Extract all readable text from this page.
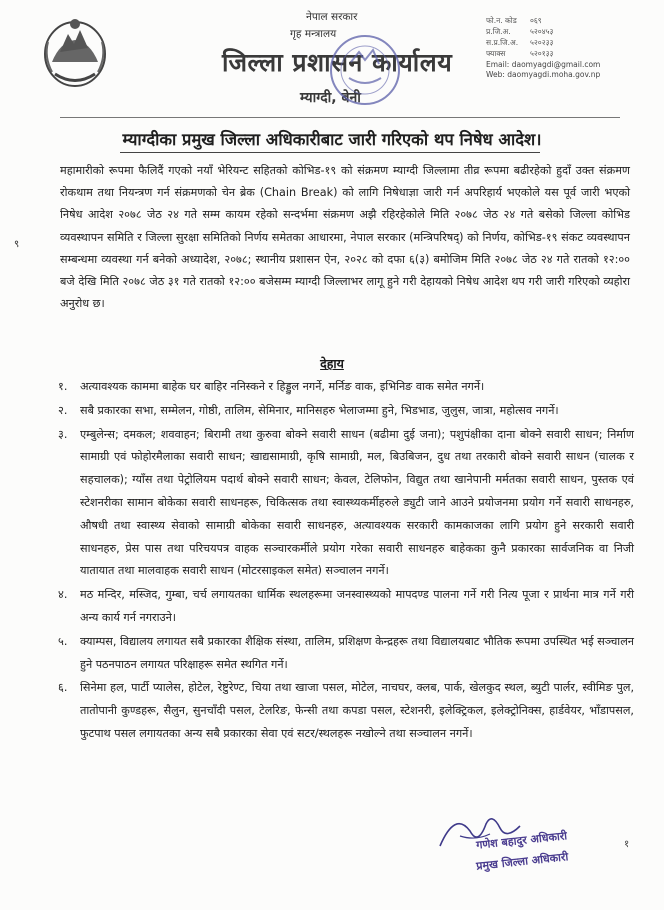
नेपाल सरकार
गृह मन्त्रालय
जिल्ला प्रशासन कार्यालय
म्याग्दी, बेनी
फो.न. कोड	०६९
प्र.जि.अ.	५२०४५३
स.प्र.जि.अ.	५२०२३३
फ्याक्स	५२०१३३
Email: daomyagdi@gmail.com
Web: daomyagdi.moha.gov.np
म्याग्दीका प्रमुख जिल्ला अधिकारीबाट जारी गरिएको थप निषेध आदेश।
९
महामारीको रूपमा फैलिदैं गएको नयाँ भेरियन्ट सहितको कोभिड-१९ को संक्रमण म्याग्दी जिल्लामा तीव्र रूपमा बढीरहेको हुदाँ उक्त संक्रमण रोकथाम तथा नियन्त्रण गर्न संक्रमणको चेन ब्रेक (Chain Break) को लागि निषेधाज्ञा जारी गर्न अपरिहार्य भएकोले यस पूर्व जारी भएको निषेध आदेश २०७८ जेठ २४ गते सम्म कायम रहेको सन्दर्भमा संक्रमण अझै रहिरहेकोले मिति २०७८ जेठ २४ गते बसेको जिल्ला कोभिड व्यवस्थापन समिति र जिल्ला सुरक्षा समितिको निर्णय समेतका आधारमा, नेपाल सरकार (मन्त्रिपरिषद्) को निर्णय, कोभिड-१९ संकट व्यवस्थापन सम्बन्धमा व्यवस्था गर्न बनेको अध्यादेश, २०७८; स्थानीय प्रशासन ऐन, २०२८ को दफा ६(३) बमोजिम मिति २०७८ जेठ २४ गते रातको १२:०० बजे देखि मिति २०७८ जेठ ३१ गते रातको १२:०० बजेसम्म म्याग्दी जिल्लाभर लागू हुने गरी देहायको निषेध आदेश थप गरी जारी गरिएको व्यहोरा अनुरोध छ।
देहाय
१. अत्यावश्यक काममा बाहेक घर बाहिर ननिस्कने र हिड्डुल नगर्ने, मर्निङ वाक, इभिनिङ वाक समेत नगर्ने।
२. सबै प्रकारका सभा, सम्मेलन, गोष्ठी, तालिम, सेमिनार, मानिसहरु भेलाजम्मा हुने, भिडभाड, जुलुस, जात्रा, महोत्सव नगर्ने।
३. एम्बुलेन्स; दमकल; शववाहन; बिरामी तथा कुरुवा बोक्ने सवारी साधन (बढीमा दुई जना); पशुपंक्षीका दाना बोक्ने सवारी साधन; निर्माण सामाग्री एवं फोहोरमैलाका सवारी साधन; खाद्यसामाग्री, कृषि सामाग्री, मल, बिउबिजन, दुध तथा तरकारी बोक्ने सवारी साधन (चालक र सहचालक); ग्याँस तथा पेट्रोलियम पदार्थ बोक्ने सवारी साधन; केवल, टेलिफोन, विद्युत तथा खानेपानी मर्मतका सवारी साधन, पुस्तक एवं स्टेशनरीका सामान बोकेका सवारी साधनहरू, चिकित्सक तथा स्वास्थ्यकर्मीहरुले ड्युटी जाने आउने प्रयोजनमा प्रयोग गर्ने सवारी साधनहरु, औषधी तथा स्वास्थ्य सेवाको सामाग्री बोकेका सवारी साधनहरु, अत्यावश्यक सरकारी कामकाजका लागि प्रयोग हुने सरकारी सवारी साधनहरु, प्रेस पास तथा परिचयपत्र वाहक सञ्चारकर्मीले प्रयोग गरेका सवारी साधनहरु बाहेकका कुनै प्रकारका सार्वजनिक वा निजी यातायात तथा मालवाहक सवारी साधन (मोटरसाइकल समेत) सञ्चालन नगर्ने।
४. मठ मन्दिर, मस्जिद, गुम्बा, चर्च लगायतका धार्मिक स्थलहरूमा जनस्वास्थ्यको मापदण्ड पालना गर्ने गरी नित्य पूजा र प्रार्थना मात्र गर्ने गरी अन्य कार्य गर्न नगराउने।
५. क्याम्पस, विद्यालय लगायत सबै प्रकारका शैक्षिक संस्था, तालिम, प्रशिक्षण केन्द्रहरू तथा विद्यालयबाट भौतिक रूपमा उपस्थित भई सञ्चालन हुने पठनपाठन लगायत परिक्षाहरू समेत स्थगित गर्ने।
६. सिनेमा हल, पार्टी प्यालेस, होटेल, रेष्टुरेण्ट, चिया तथा खाजा पसल, मोटेल, नाचघर, क्लब, पार्क, खेलकुद स्थल, ब्युटी पार्लर, स्वीमिङ पुल, तातोपानी कुण्डहरू, सैलुन, सुनचाँदी पसल, टेलरिङ, फेन्सी तथा कपडा पसल, स्टेशनरी, इलेक्ट्रिकल, इलेक्ट्रोनिक्स, हार्डवेयर, भाँडापसल, फुटपाथ पसल लगायतका अन्य सबै प्रकारका सेवा एवं सटर/स्थलहरू नखोल्ने तथा सञ्चालन नगर्ने।
गणेश बहादुर अधिकारी
प्रमुख जिल्ला अधिकारी
१
